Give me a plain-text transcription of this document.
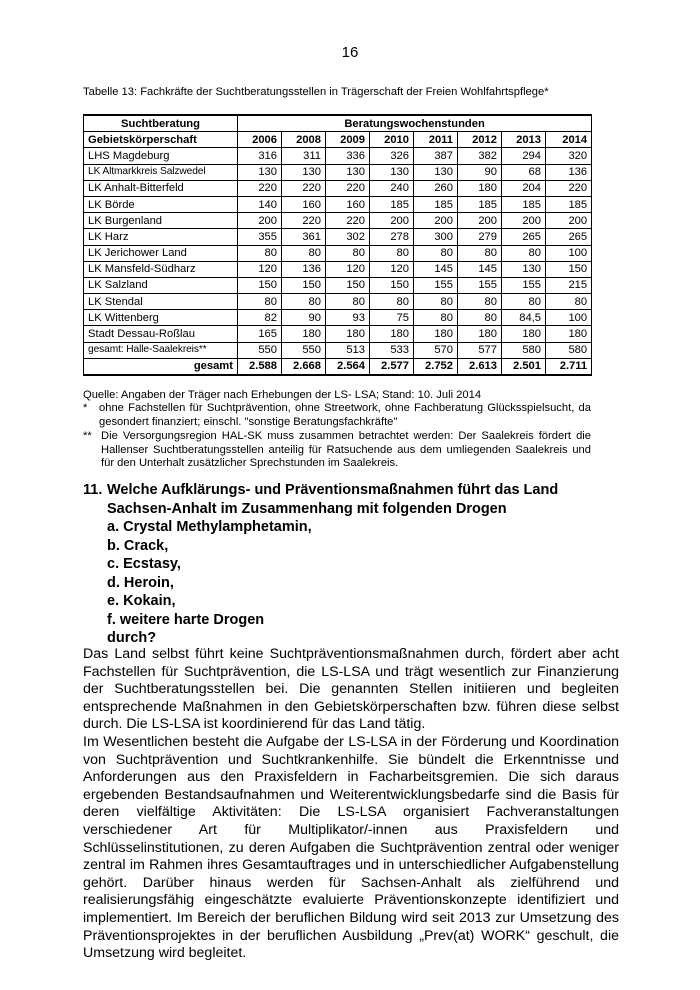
16
Tabelle 13: Fachkräfte der Suchtberatungsstellen in Trägerschaft der Freien Wohlfahrtspflege*
Suchtberatung	Beratungswochenstunden							
Gebietskörperschaft	2006	2008	2009	2010	2011	2012	2013	2014
LHS Magdeburg	316	311	336	326	387	382	294	320
LK Altmarkkreis Salzwedel	130	130	130	130	130	90	68	136
LK Anhalt-Bitterfeld	220	220	220	240	260	180	204	220
LK Börde	140	160	160	185	185	185	185	185
LK Burgenland	200	220	220	200	200	200	200	200
LK Harz	355	361	302	278	300	279	265	265
LK Jerichower Land	80	80	80	80	80	80	80	100
LK Mansfeld-Südharz	120	136	120	120	145	145	130	150
LK Salzland	150	150	150	150	155	155	155	215
LK Stendal	80	80	80	80	80	80	80	80
LK Wittenberg	82	90	93	75	80	80	84,5	100
Stadt Dessau-Roßlau	165	180	180	180	180	180	180	180
gesamt: Halle-Saalekreis**	550	550	513	533	570	577	580	580
gesamt	2.588	2.668	2.564	2.577	2.752	2.613	2.501	2.711
Quelle: Angaben der Träger nach Erhebungen der LS- LSA; Stand: 10. Juli 2014
* ohne Fachstellen für Suchtprävention, ohne Streetwork, ohne Fachberatung Glücksspielsucht, da gesondert finanziert; einschl. "sonstige Beratungsfachkräfte"
** Die Versorgungsregion HAL-SK muss zusammen betrachtet werden: Der Saalekreis fördert die Hallenser Suchtberatungsstellen anteilig für Ratsuchende aus dem umliegenden Saalekreis und für den Unterhalt zusätzlicher Sprechstunden im Saalekreis.
11. Welche Aufklärungs- und Präventionsmaßnahmen führt das Land Sachsen-Anhalt im Zusammenhang mit folgenden Drogen
a. Crystal Methylamphetamin,
b. Crack,
c. Ecstasy,
d. Heroin,
e. Kokain,
f. weitere harte Drogen
durch?

Das Land selbst führt keine Suchtpräventionsmaßnahmen durch, fördert aber acht Fachstellen für Suchtprävention, die LS-LSA und trägt wesentlich zur Finanzierung der Suchtberatungsstellen bei. Die genannten Stellen initiieren und begleiten entsprechende Maßnahmen in den Gebietskörperschaften bzw. führen diese selbst durch. Die LS-LSA ist koordinierend für das Land tätig.

Im Wesentlichen besteht die Aufgabe der LS-LSA in der Förderung und Koordination von Suchtprävention und Suchtkrankenhilfe. Sie bündelt die Erkenntnisse und Anforderungen aus den Praxisfeldern in Facharbeitsgremien. Die sich daraus ergebenden Bestandsaufnahmen und Weiterentwicklungsbedarfe sind die Basis für deren vielfältige Aktivitäten: Die LS-LSA organisiert Fachveranstaltungen verschiedener Art für Multiplikator/-innen aus Praxisfeldern und Schlüsselinstitutionen, zu deren Aufgaben die Suchtprävention zentral oder weniger zentral im Rahmen ihres Gesamtauftrages und in unterschiedlicher Aufgabenstellung gehört. Darüber hinaus werden für Sachsen-Anhalt als zielführend und realisierungsfähig eingeschätzte evaluierte Präventionskonzepte identifiziert und implementiert. Im Bereich der beruflichen Bildung wird seit 2013 zur Umsetzung des Präventionsprojektes in der beruflichen Ausbildung „Prev(at) WORK“ geschult, die Umsetzung wird begleitet.
